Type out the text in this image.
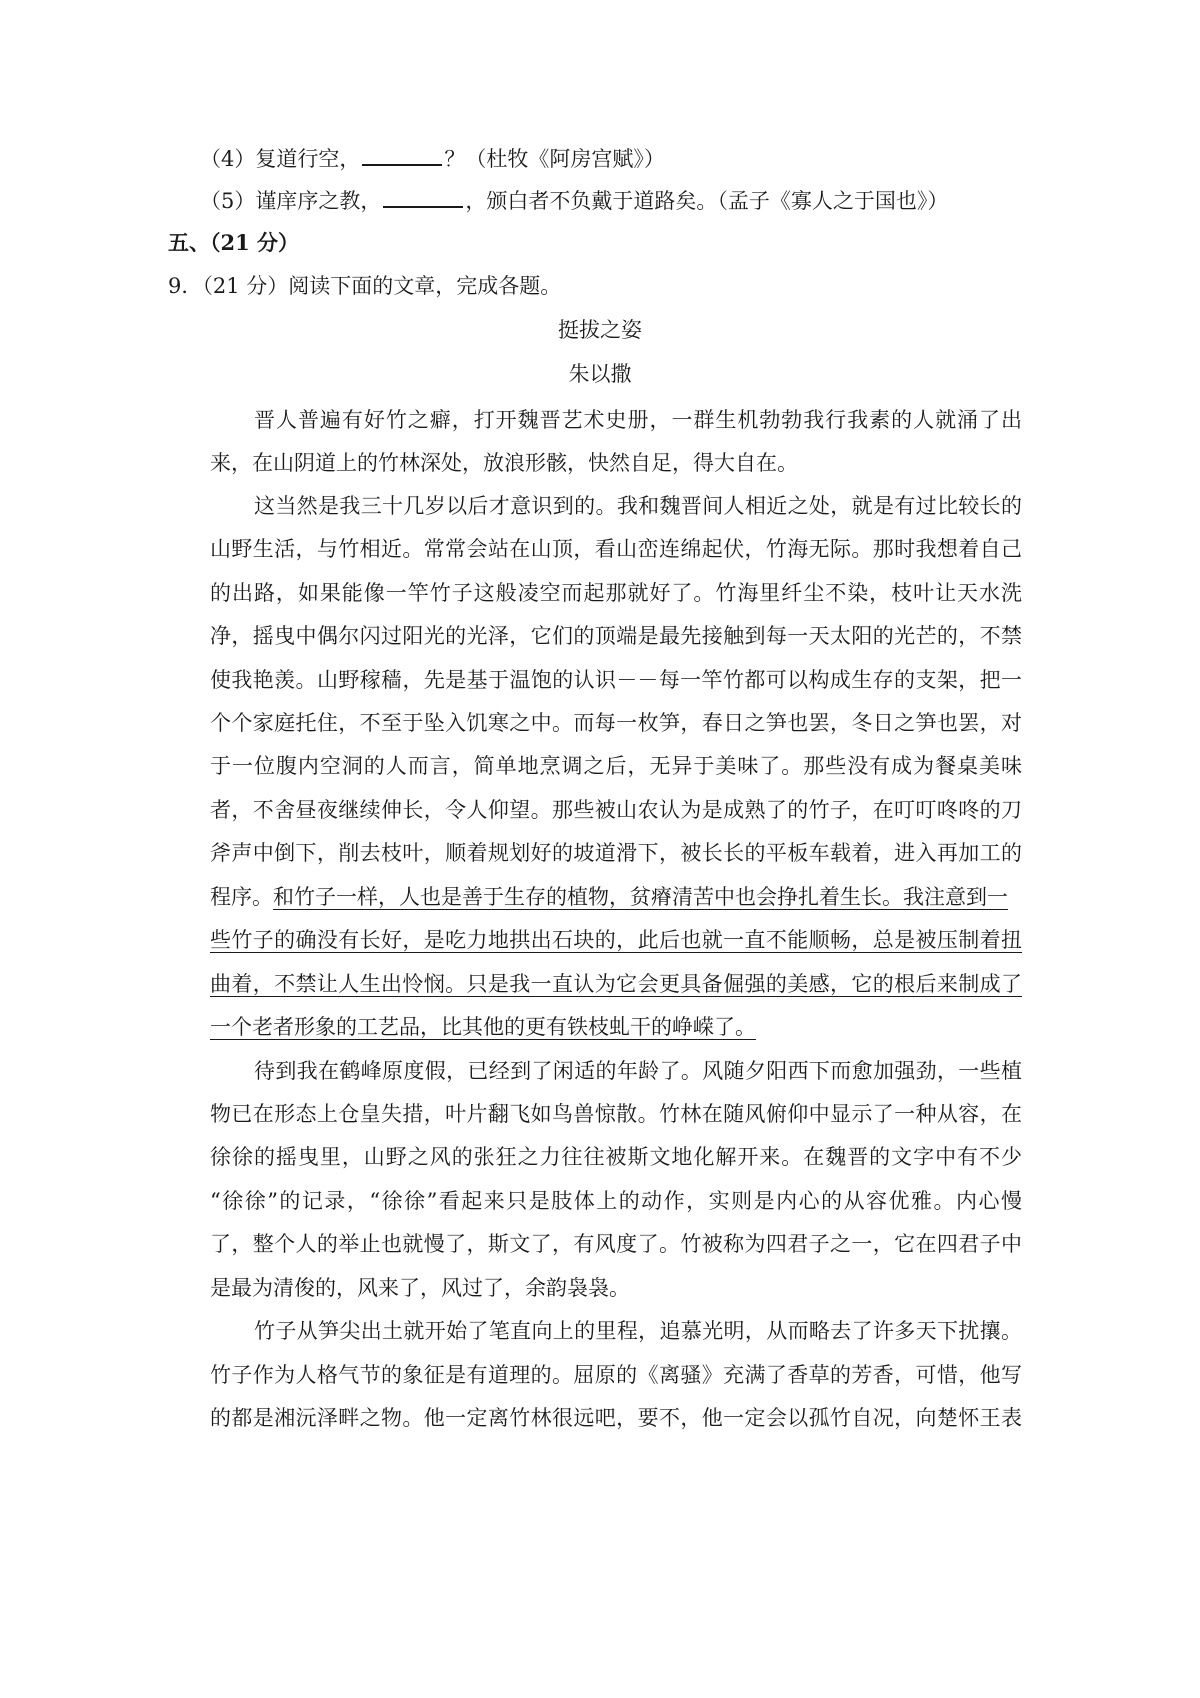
（4）复道行空，	？（杜牧《阿房宫赋》）
（5）谨庠序之教，	，颁白者不负戴于道路矣。（孟子《寡人之于国也》）
五、（21 分）
9．（21 分）阅读下面的文章，完成各题。
挺拔之姿
朱以撒
晋人普遍有好竹之癖，打开魏晋艺术史册，一群生机勃勃我行我素的人就涌了出
来，在山阴道上的竹林深处，放浪形骸，快然自足，得大自在。
这当然是我三十几岁以后才意识到的。我和魏晋间人相近之处，就是有过比较长的
山野生活，与竹相近。常常会站在山顶，看山峦连绵起伏，竹海无际。那时我想着自己
的出路，如果能像一竿竹子这般凌空而起那就好了。竹海里纤尘不染，枝叶让天水洗
净，摇曳中偶尔闪过阳光的光泽，它们的顶端是最先接触到每一天太阳的光芒的，不禁
使我艳羡。山野稼穑，先是基于温饱的认识－－每一竿竹都可以构成生存的支架，把一
个个家庭托住，不至于坠入饥寒之中。而每一枚笋，春日之笋也罢，冬日之笋也罢，对
于一位腹内空洞的人而言，简单地烹调之后，无异于美味了。那些没有成为餐桌美味
者，不舍昼夜继续伸长，令人仰望。那些被山农认为是成熟了的竹子，在叮叮咚咚的刀
斧声中倒下，削去枝叶，顺着规划好的坡道滑下，被长长的平板车载着，进入再加工的
程序。和竹子一样，人也是善于生存的植物，贫瘠清苦中也会挣扎着生长。我注意到一
些竹子的确没有长好，是吃力地拱出石块的，此后也就一直不能顺畅，总是被压制着扭
曲着，不禁让人生出怜悯。只是我一直认为它会更具备倔强的美感，它的根后来制成了
一个老者形象的工艺品，比其他的更有铁枝虬干的峥嵘了。
待到我在鹤峰原度假，已经到了闲适的年龄了。风随夕阳西下而愈加强劲，一些植
物已在形态上仓皇失措，叶片翻飞如鸟兽惊散。竹林在随风俯仰中显示了一种从容，在
徐徐的摇曳里，山野之风的张狂之力往往被斯文地化解开来。在魏晋的文字中有不少
“徐徐”的记录，“徐徐”看起来只是肢体上的动作，实则是内心的从容优雅。内心慢
了，整个人的举止也就慢了，斯文了，有风度了。竹被称为四君子之一，它在四君子中
是最为清俊的，风来了，风过了，余韵袅袅。
竹子从笋尖出土就开始了笔直向上的里程，追慕光明，从而略去了许多天下扰攘。
竹子作为人格气节的象征是有道理的。屈原的《离骚》充满了香草的芳香，可惜，他写
的都是湘沅泽畔之物。他一定离竹林很远吧，要不，他一定会以孤竹自况，向楚怀王表
